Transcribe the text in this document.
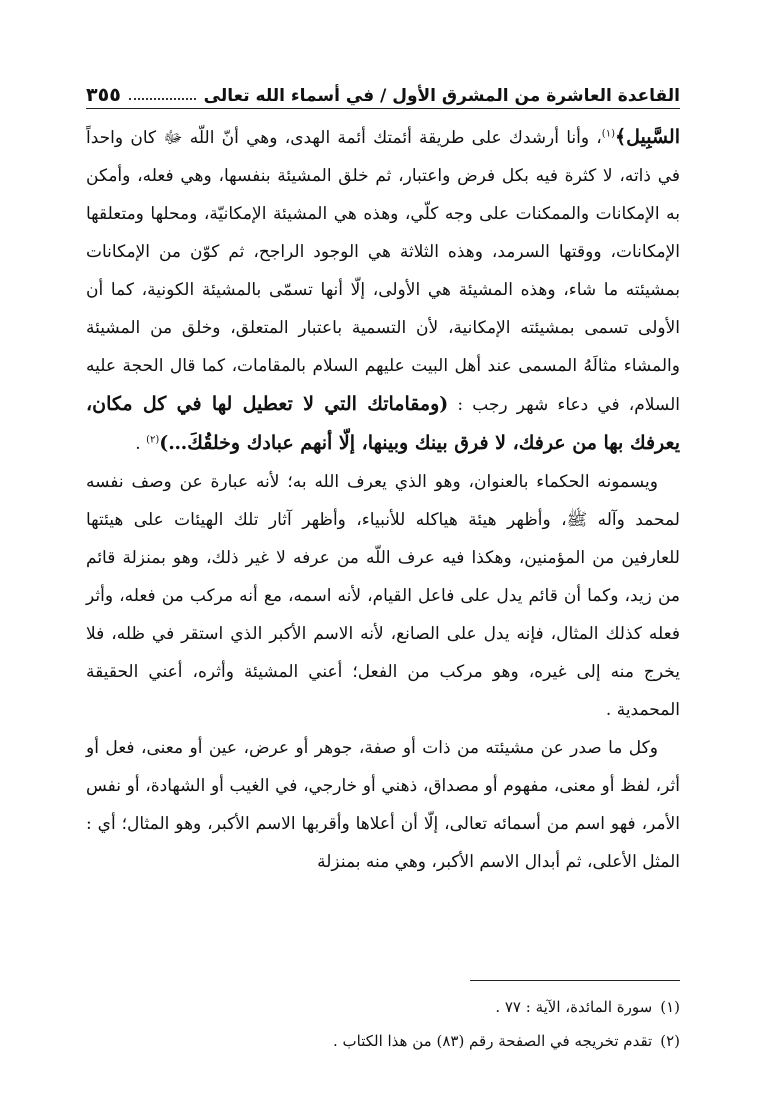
القاعدة العاشرة من المشرق الأول / في أسماء الله تعالى
٣٥٥

السَّبِيل﴾$^{(١)}$، وأنا أرشدك على طريقة أئمتك أئمة الهدى، وهي أنّ اللّه ﷻ كان واحداً في ذاته، لا كثرة فيه بكل فرض واعتبار، ثم خلق المشيئة بنفسها، وهي فعله، وأمكن به الإمكانات والممكنات على وجه كلّي، وهذه هي المشيئة الإمكانيّة، ومحلها ومتعلقها الإمكانات، ووقتها السرمد، وهذه الثلاثة هي الوجود الراجح، ثم كوّن من الإمكانات بمشيئته ما شاء، وهذه المشيئة هي الأولى، إلّا أنها تسمّى بالمشيئة الكونية، كما أن الأولى تسمى بمشيئته الإمكانية، لأن التسمية باعتبار المتعلق، وخلق من المشيئة والمشاء مثالَهُ المسمى عند أهل البيت عليهم السلام بالمقامات، كما قال الحجة عليه السلام، في دعاء شهر رجب : (ومقاماتك التي لا تعطيل لها في كل مكان، يعرفك بها من عرفك، لا فرق بينك وبينها، إلّا أنهم عبادك وخلقُكَ…)$^{(٢)}$ .

ويسمونه الحكماء بالعنوان، وهو الذي يعرف الله به؛ لأنه عبارة عن وصف نفسه لمحمد وآله ﷺ، وأظهر هيئة هياكله للأنبياء، وأظهر آثار تلك الهيئات على هيئتها للعارفين من المؤمنين، وهكذا فيه عرف اللّه من عرفه لا غير ذلك، وهو بمنزلة قائم من زيد، وكما أن قائم يدل على فاعل القيام، لأنه اسمه، مع أنه مركب من فعله، وأثر فعله كذلك المثال، فإنه يدل على الصانع، لأنه الاسم الأكبر الذي استقر في ظله، فلا يخرج منه إلى غيره، وهو مركب من الفعل؛ أعني المشيئة وأثره، أعني الحقيقة المحمدية .

وكل ما صدر عن مشيئته من ذات أو صفة، جوهر أو عرض، عين أو معنى، فعل أو أثر، لفظ أو معنى، مفهوم أو مصداق، ذهني أو خارجي، في الغيب أو الشهادة، أو نفس الأمر، فهو اسم من أسمائه تعالى، إلّا أن أعلاها وأقربها الاسم الأكبر، وهو المثال؛ أي : المثل الأعلى، ثم أبدال الاسم الأكبر، وهي منه بمنزلة

(١)
سورة المائدة، الآية : ٧٧ .
(٢)
تقدم تخريجه في الصفحة رقم (٨٣) من هذا الكتاب .
